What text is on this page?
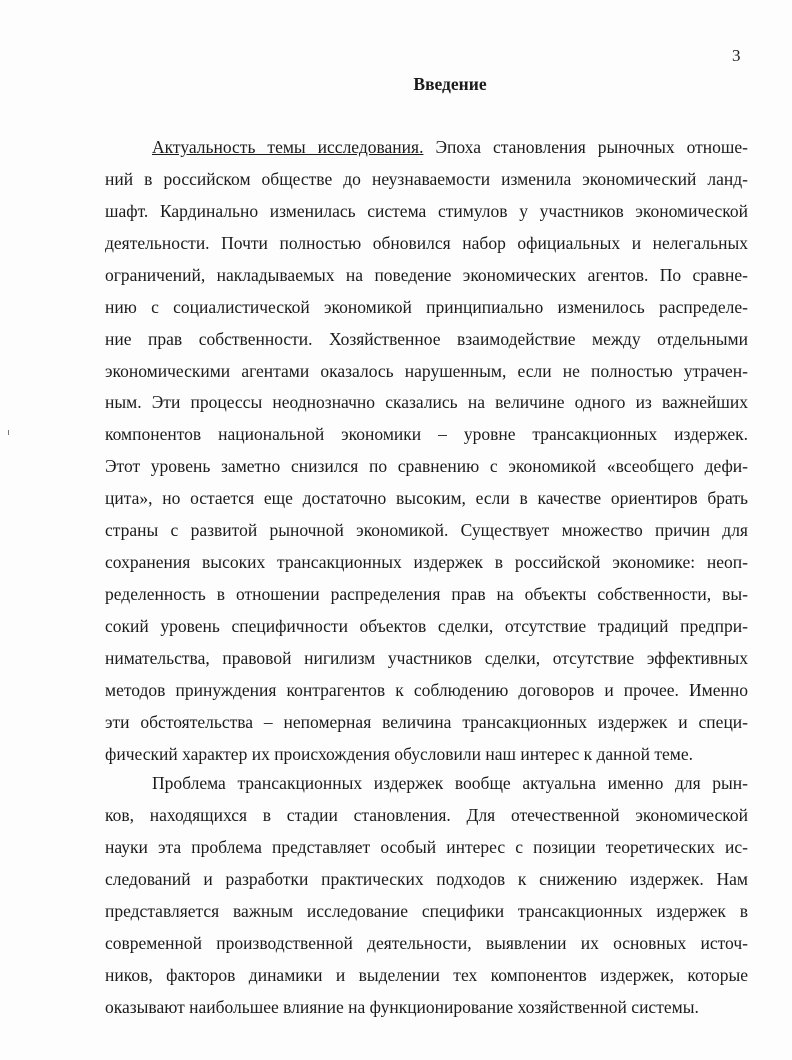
3
Введение
Актуальность темы исследования. Эпоха становления рыночных отноше-
ний в российском обществе до неузнаваемости изменила экономический ланд-
шафт. Кардинально изменилась система стимулов у участников экономической
деятельности. Почти полностью обновился набор официальных и нелегальных
ограничений, накладываемых на поведение экономических агентов. По сравне-
нию с социалистической экономикой принципиально изменилось распределе-
ние прав собственности. Хозяйственное взаимодействие между отдельными
экономическими агентами оказалось нарушенным, если не полностью утрачен-
ным. Эти процессы неоднозначно сказались на величине одного из важнейших
компонентов национальной экономики – уровне трансакционных издержек.
Этот уровень заметно снизился по сравнению с экономикой «всеобщего дефи-
цита», но остается еще достаточно высоким, если в качестве ориентиров брать
страны с развитой рыночной экономикой. Существует множество причин для
сохранения высоких трансакционных издержек в российской экономике: неоп-
ределенность в отношении распределения прав на объекты собственности, вы-
сокий уровень специфичности объектов сделки, отсутствие традиций предпри-
нимательства, правовой нигилизм участников сделки, отсутствие эффективных
методов принуждения контрагентов к соблюдению договоров и прочее. Именно
эти обстоятельства – непомерная величина трансакционных издержек и специ-
фический характер их происхождения обусловили наш интерес к данной теме.
Проблема трансакционных издержек вообще актуальна именно для рын-
ков, находящихся в стадии становления. Для отечественной экономической
науки эта проблема представляет особый интерес с позиции теоретических ис-
следований и разработки практических подходов к снижению издержек. Нам
представляется важным исследование специфики трансакционных издержек в
современной производственной деятельности, выявлении их основных источ-
ников, факторов динамики и выделении тех компонентов издержек, которые
оказывают наибольшее влияние на функционирование хозяйственной системы.
